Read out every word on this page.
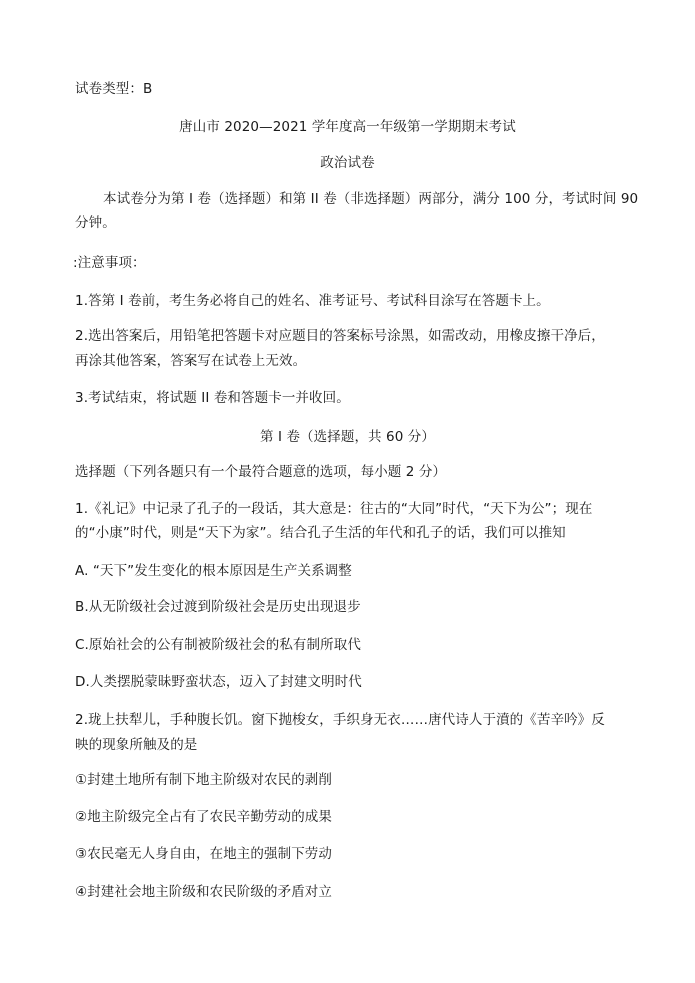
试卷类型：B
唐山市 2020—2021 学年度高一年级第一学期期末考试
政治试卷
本试卷分为第 I 卷（选择题）和第 II 卷（非选择题）两部分，满分 100 分，考试时间 90
分钟。
:注意事项：
1.答第 I 卷前，考生务必将自己的姓名、准考证号、考试科目涂写在答题卡上。
2.选出答案后，用铅笔把答题卡对应题目的答案标号涂黑，如需改动，用橡皮擦干净后，
再涂其他答案，答案写在试卷上无效。
3.考试结束，将试题 II 卷和答题卡一并收回。
第 I 卷（选择题，共 60 分）
选择题（下列各题只有一个最符合题意的选项，每小题 2 分）
1.《礼记》中记录了孔子的一段话，其大意是：往古的“大同”时代，“天下为公”；现在
的“小康”时代，则是“天下为家”。结合孔子生活的年代和孔子的话，我们可以推知
A. “天下”发生变化的根本原因是生产关系调整
B.从无阶级社会过渡到阶级社会是历史出现退步
C.原始社会的公有制被阶级社会的私有制所取代
D.人类摆脱蒙昧野蛮状态，迈入了封建文明时代
2.珑上扶犁儿，手种腹长饥。窗下抛梭女，手织身无衣……唐代诗人于濆的《苦辛吟》反
映的现象所触及的是
①封建土地所有制下地主阶级对农民的剥削
②地主阶级完全占有了农民辛勤劳动的成果
③农民毫无人身自由，在地主的强制下劳动
④封建社会地主阶级和农民阶级的矛盾对立
